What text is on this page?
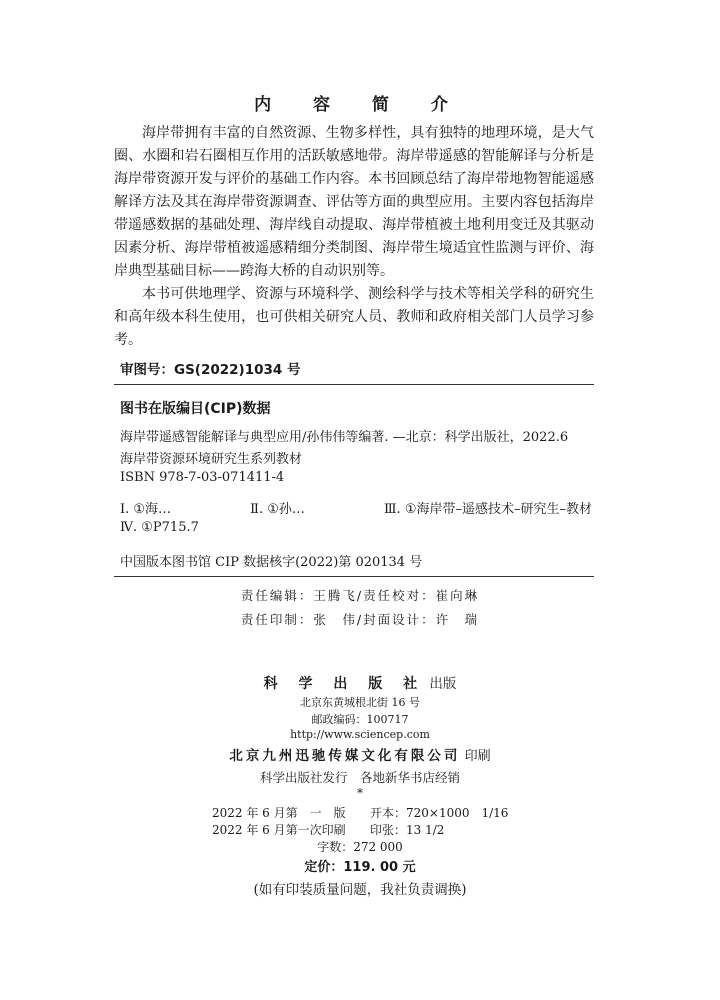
内 容 简 介

海岸带拥有丰富的自然资源、生物多样性，具有独特的地理环境，是大气圈、水圈和岩石圈相互作用的活跃敏感地带。海岸带遥感的智能解译与分析是海岸带资源开发与评价的基础工作内容。本书回顾总结了海岸带地物智能遥感解译方法及其在海岸带资源调查、评估等方面的典型应用。主要内容包括海岸带遥感数据的基础处理、海岸线自动提取、海岸带植被土地利用变迁及其驱动因素分析、海岸带植被遥感精细分类制图、海岸带生境适宜性监测与评价、海岸典型基础目标——跨海大桥的自动识别等。

本书可供地理学、资源与环境科学、测绘科学与技术等相关学科的研究生和高年级本科生使用，也可供相关研究人员、教师和政府相关部门人员学习参考。

审图号：GS(2022)1034 号
图书在版编目(CIP)数据
海岸带遥感智能解译与典型应用/孙伟伟等编著. —北京：科学出版社，2022.6
海岸带资源环境研究生系列教材
ISBN 978-7-03-071411-4
Ⅰ. ①海…	Ⅱ. ①孙…	Ⅲ. ①海岸带–遥感技术–研究生–教材
Ⅳ. ①P715.7
中国版本图书馆 CIP 数据核字(2022)第 020134 号
责任编辑：王腾飞/责任校对：崔向琳
责任印制：张　伟/封面设计：许　瑞
科 学 出 版 社 出版
北京东黄城根北街 16 号
邮政编码：100717
http://www.sciencep.com
北京九州迅驰传媒文化有限公司 印刷
科学出版社发行　各地新华书店经销
*
2022 年 6 月第　一　版 开本：720×1000　1/16
2022 年 6 月第一次印刷 印张：13 1/2
字数：272 000
定价：119. 00 元
(如有印装质量问题，我社负责调换)
